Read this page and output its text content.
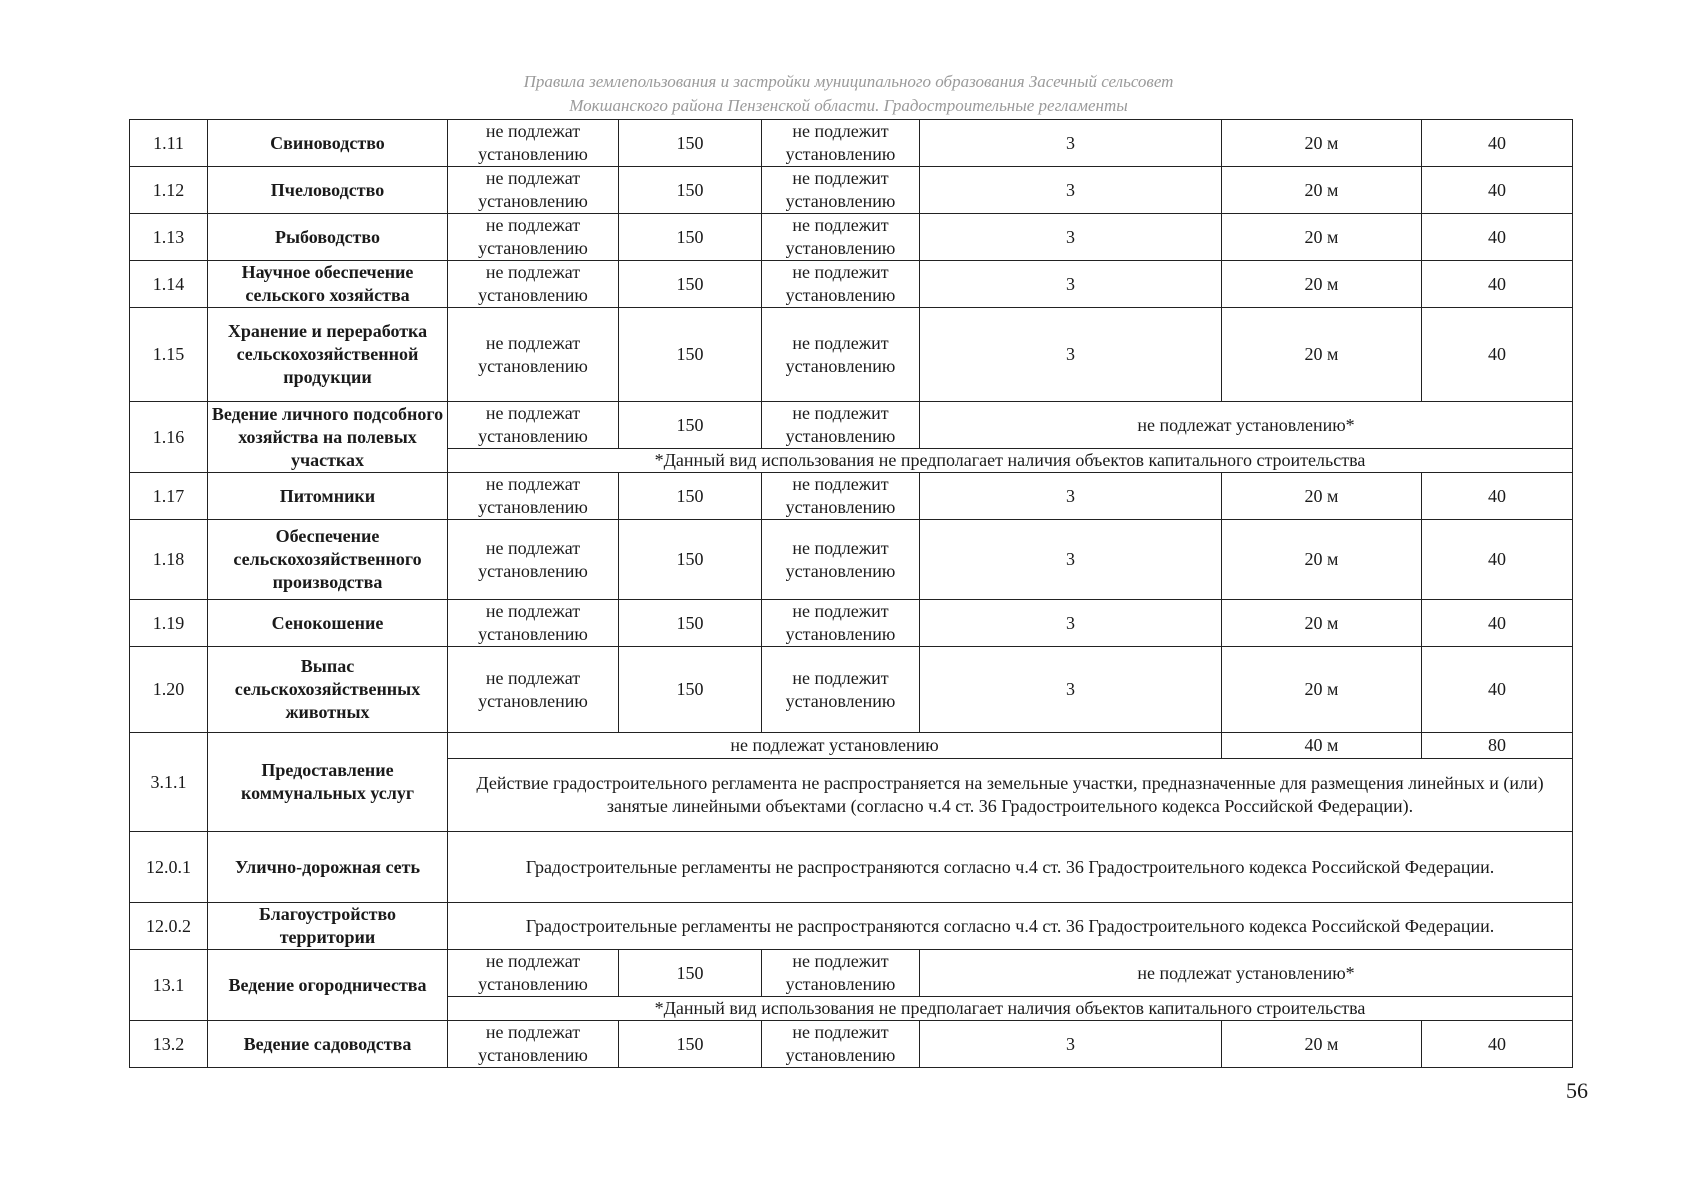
Правила землепользования и застройки муниципального образования Засечный сельсовет
Мокшанского района Пензенской области. Градостроительные регламенты
1.11	Свиноводство	не подлежат установлению	150	не подлежит установлению	3	20 м	40
1.12	Пчеловодство	не подлежат установлению	150	не подлежит установлению	3	20 м	40
1.13	Рыбоводство	не подлежат установлению	150	не подлежит установлению	3	20 м	40
1.14	Научное обеспечение сельского хозяйства	не подлежат установлению	150	не подлежит установлению	3	20 м	40
1.15	Хранение и переработка сельскохозяйственной продукции	не подлежат установлению	150	не подлежит установлению	3	20 м	40
1.16	Ведение личного подсобного хозяйства на полевых участках	не подлежат установлению	150	не подлежит установлению	не подлежат установлению*		
		*Данный вид использования не предполагает наличия объектов капитального строительства					
1.17	Питомники	не подлежат установлению	150	не подлежит установлению	3	20 м	40
1.18	Обеспечение сельскохозяйственного производства	не подлежат установлению	150	не подлежит установлению	3	20 м	40
1.19	Сенокошение	не подлежат установлению	150	не подлежит установлению	3	20 м	40
1.20	Выпас сельскохозяйственных животных	не подлежат установлению	150	не подлежит установлению	3	20 м	40
3.1.1	Предоставление коммунальных услуг	не подлежат установлению				40 м	80
		Действие градостроительного регламента не распространяется на земельные участки, предназначенные для размещения линейных и (или) занятые линейными объектами (согласно ч.4 ст. 36 Градостроительного кодекса Российской Федерации).					
12.0.1	Улично-дорожная сеть	Градостроительные регламенты не распространяются согласно ч.4 ст. 36 Градостроительного кодекса Российской Федерации.					
12.0.2	Благоустройство территории	Градостроительные регламенты не распространяются согласно ч.4 ст. 36 Градостроительного кодекса Российской Федерации.					
13.1	Ведение огородничества	не подлежат установлению	150	не подлежит установлению	не подлежат установлению*		
		*Данный вид использования не предполагает наличия объектов капитального строительства					
13.2	Ведение садоводства	не подлежат установлению	150	не подлежит установлению	3	20 м	40
56
